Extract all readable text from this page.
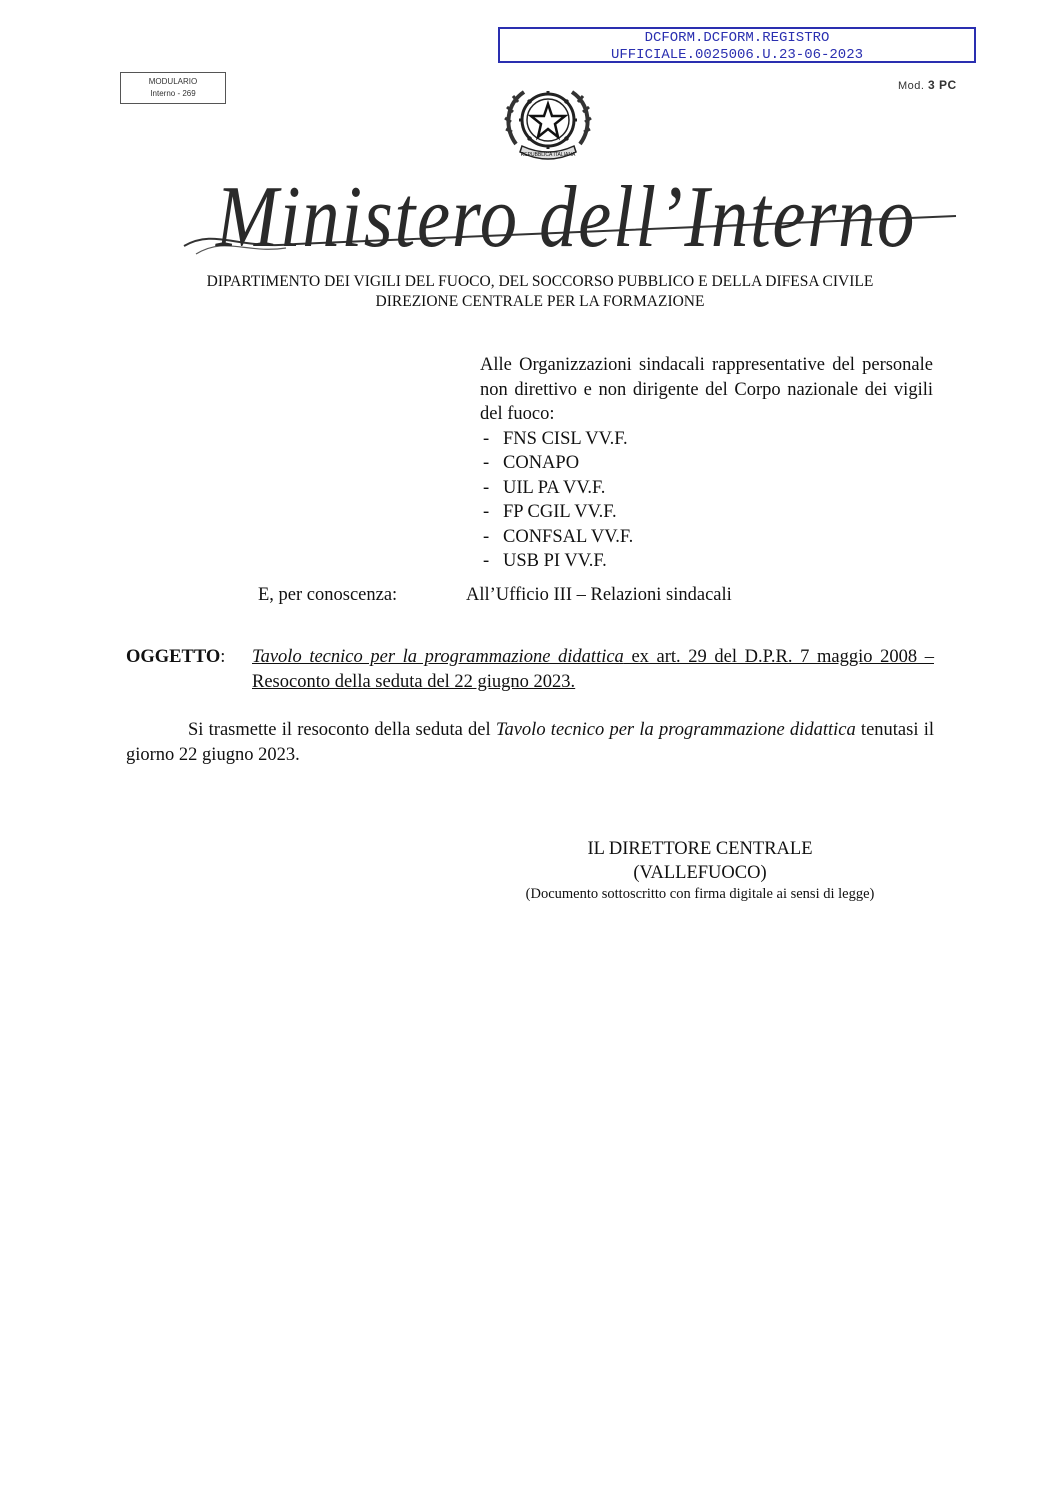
DCFORM.DCFORM.REGISTRO
UFFICIALE.0025006.U.23-06-2023
MODULARIO
Interno - 269
Mod. 3 PC
REPUBBLICA ITALIANA
Ministero dell’Interno
DIPARTIMENTO DEI VIGILI DEL FUOCO, DEL SOCCORSO PUBBLICO E DELLA DIFESA CIVILE
DIREZIONE CENTRALE PER LA FORMAZIONE
Alle Organizzazioni sindacali rappresentative del personale non direttivo e non dirigente del Corpo nazionale dei vigili del fuoco:
- FNS CISL VV.F.
- CONAPO
- UIL PA VV.F.
- FP CGIL VV.F.
- CONFSAL VV.F.
- USB PI VV.F.
E, per conoscenza:	All’Ufficio III – Relazioni sindacali
OGGETTO: Tavolo tecnico per la programmazione didattica ex art. 29 del D.P.R. 7 maggio 2008 – Resoconto della seduta del 22 giugno 2023.
Si trasmette il resoconto della seduta del Tavolo tecnico per la programmazione didattica tenutasi il giorno 22 giugno 2023.
IL DIRETTORE CENTRALE
(VALLEFUOCO)
(Documento sottoscritto con firma digitale ai sensi di legge)
